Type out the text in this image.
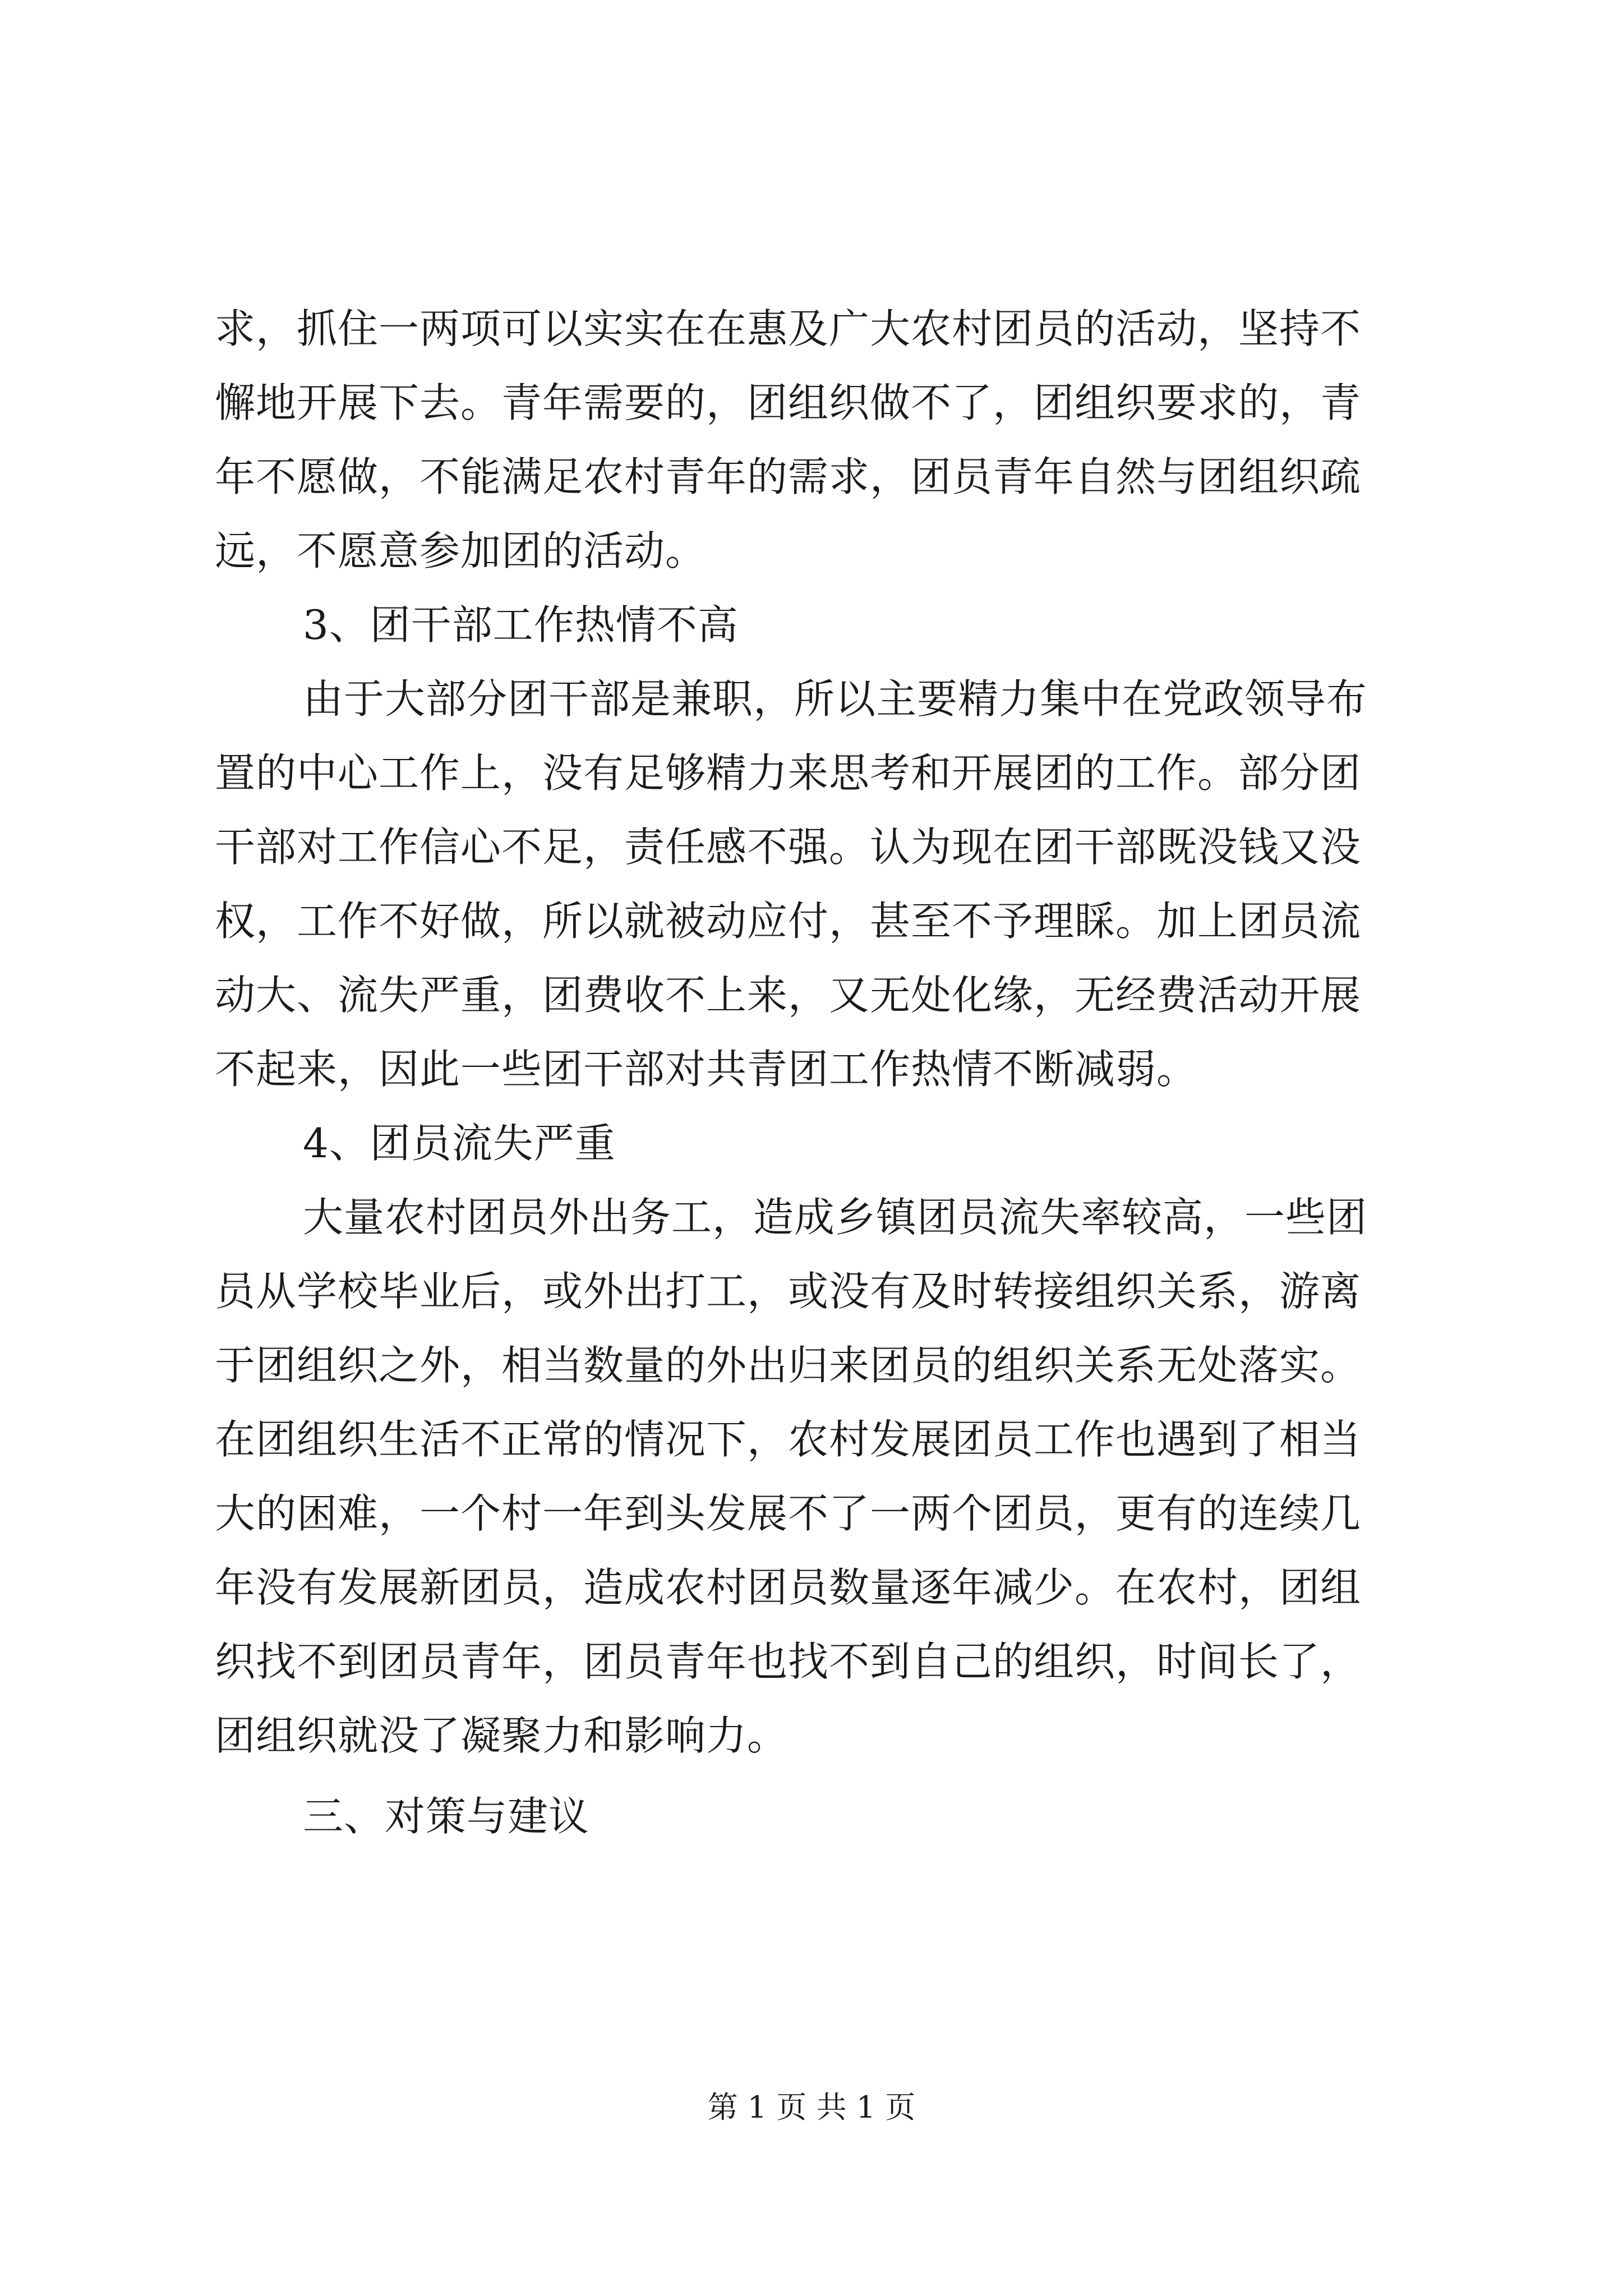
求，抓住一两项可以实实在在惠及广大农村团员的活动，坚持不
懈地开展下去。青年需要的，团组织做不了，团组织要求的，青
年不愿做，不能满足农村青年的需求，团员青年自然与团组织疏
远，不愿意参加团的活动。
3、团干部工作热情不高
由于大部分团干部是兼职，所以主要精力集中在党政领导布
置的中心工作上，没有足够精力来思考和开展团的工作。部分团
干部对工作信心不足，责任感不强。认为现在团干部既没钱又没
权，工作不好做，所以就被动应付，甚至不予理睬。加上团员流
动大、流失严重，团费收不上来，又无处化缘，无经费活动开展
不起来，因此一些团干部对共青团工作热情不断减弱。
4、团员流失严重
大量农村团员外出务工，造成乡镇团员流失率较高，一些团
员从学校毕业后，或外出打工，或没有及时转接组织关系，游离
于团组织之外，相当数量的外出归来团员的组织关系无处落实。
在团组织生活不正常的情况下，农村发展团员工作也遇到了相当
大的困难，一个村一年到头发展不了一两个团员，更有的连续几
年没有发展新团员，造成农村团员数量逐年减少。在农村，团组
织找不到团员青年，团员青年也找不到自己的组织，时间长了，
团组织就没了凝聚力和影响力。
三、对策与建议
第 1 页 共 1 页
